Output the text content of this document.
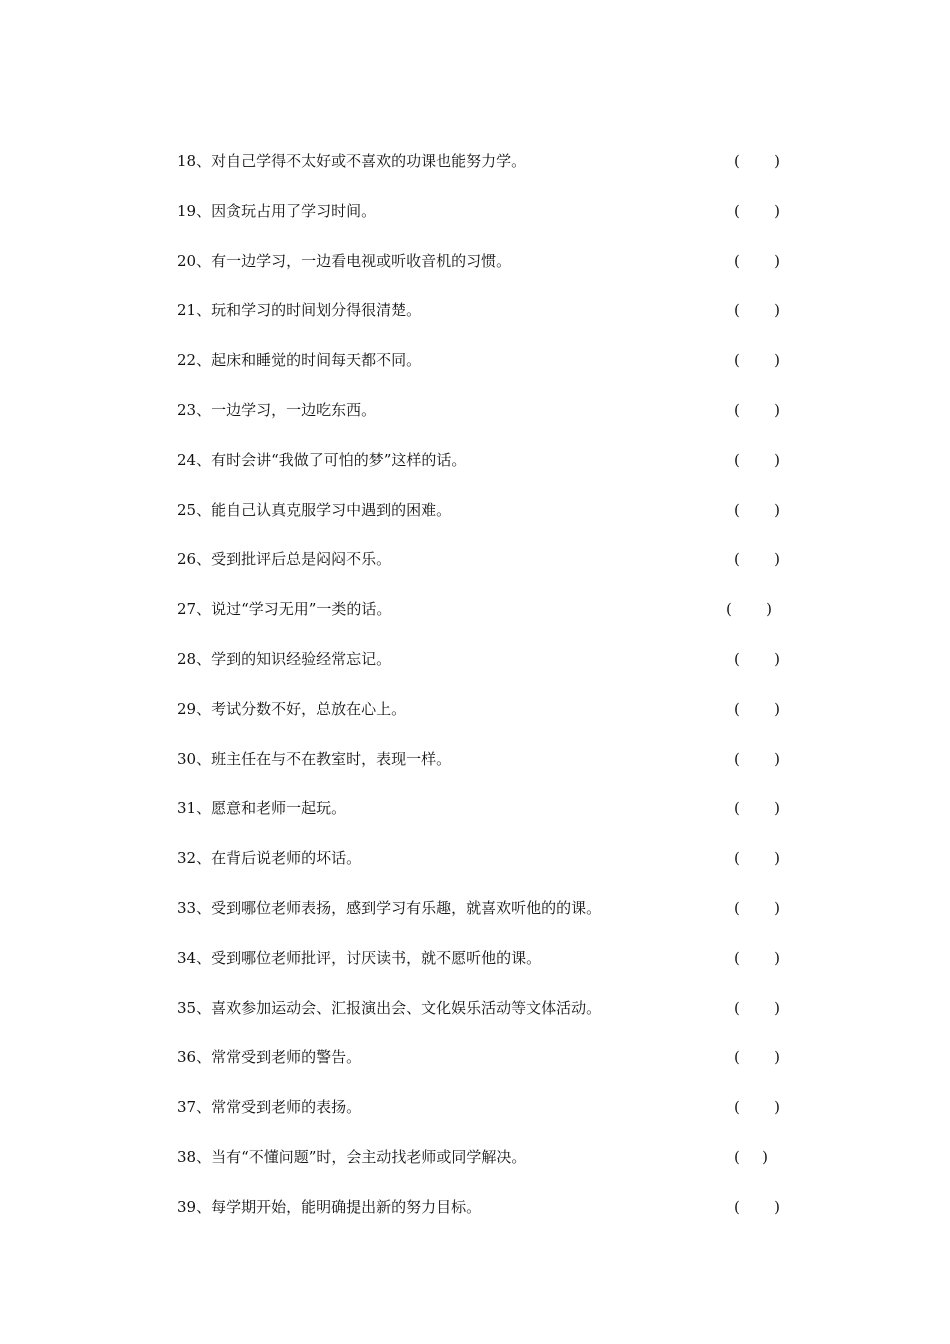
18、对自己学得不太好或不喜欢的功课也能努力学。	( )
19、因贪玩占用了学习时间。	( )
20、有一边学习，一边看电视或听收音机的习惯。	( )
21、玩和学习的时间划分得很清楚。	( )
22、起床和睡觉的时间每天都不同。	( )
23、一边学习，一边吃东西。	( )
24、有时会讲“我做了可怕的梦”这样的话。	( )
25、能自己认真克服学习中遇到的困难。	( )
26、受到批评后总是闷闷不乐。	( )
27、说过“学习无用”一类的话。	( )
28、学到的知识经验经常忘记。	( )
29、考试分数不好，总放在心上。	( )
30、班主任在与不在教室时，表现一样。	( )
31、愿意和老师一起玩。	( )
32、在背后说老师的坏话。	( )
33、受到哪位老师表扬，感到学习有乐趣，就喜欢听他的的课。	( )
34、受到哪位老师批评，讨厌读书，就不愿听他的课。	( )
35、喜欢参加运动会、汇报演出会、文化娱乐活动等文体活动。	( )
36、常常受到老师的警告。	( )
37、常常受到老师的表扬。	( )
38、当有“不懂问题”时，会主动找老师或同学解决。	( )
39、每学期开始，能明确提出新的努力目标。	( )
